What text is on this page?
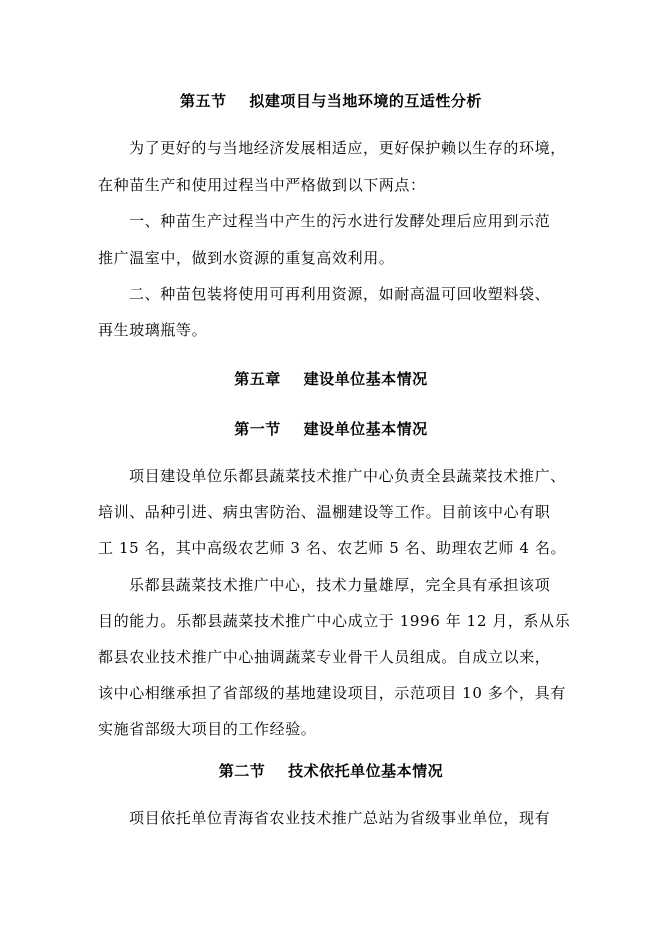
第五节    拟建项目与当地环境的互适性分析
为了更好的与当地经济发展相适应，更好保护赖以生存的环境，
在种苗生产和使用过程当中严格做到以下两点：
一、种苗生产过程当中产生的污水进行发酵处理后应用到示范
推广温室中，做到水资源的重复高效利用。
二、种苗包装将使用可再利用资源，如耐高温可回收塑料袋、
再生玻璃瓶等。
第五章    建设单位基本情况
第一节    建设单位基本情况
项目建设单位乐都县蔬菜技术推广中心负责全县蔬菜技术推广、
培训、品种引进、病虫害防治、温棚建设等工作。目前该中心有职
工 15 名，其中高级农艺师 3 名、农艺师 5 名、助理农艺师 4 名。
乐都县蔬菜技术推广中心，技术力量雄厚，完全具有承担该项
目的能力。乐都县蔬菜技术推广中心成立于 1996 年 12 月，系从乐
都县农业技术推广中心抽调蔬菜专业骨干人员组成。自成立以来，
该中心相继承担了省部级的基地建设项目，示范项目 10 多个，具有
实施省部级大项目的工作经验。
第二节    技术依托单位基本情况
项目依托单位青海省农业技术推广总站为省级事业单位，现有
